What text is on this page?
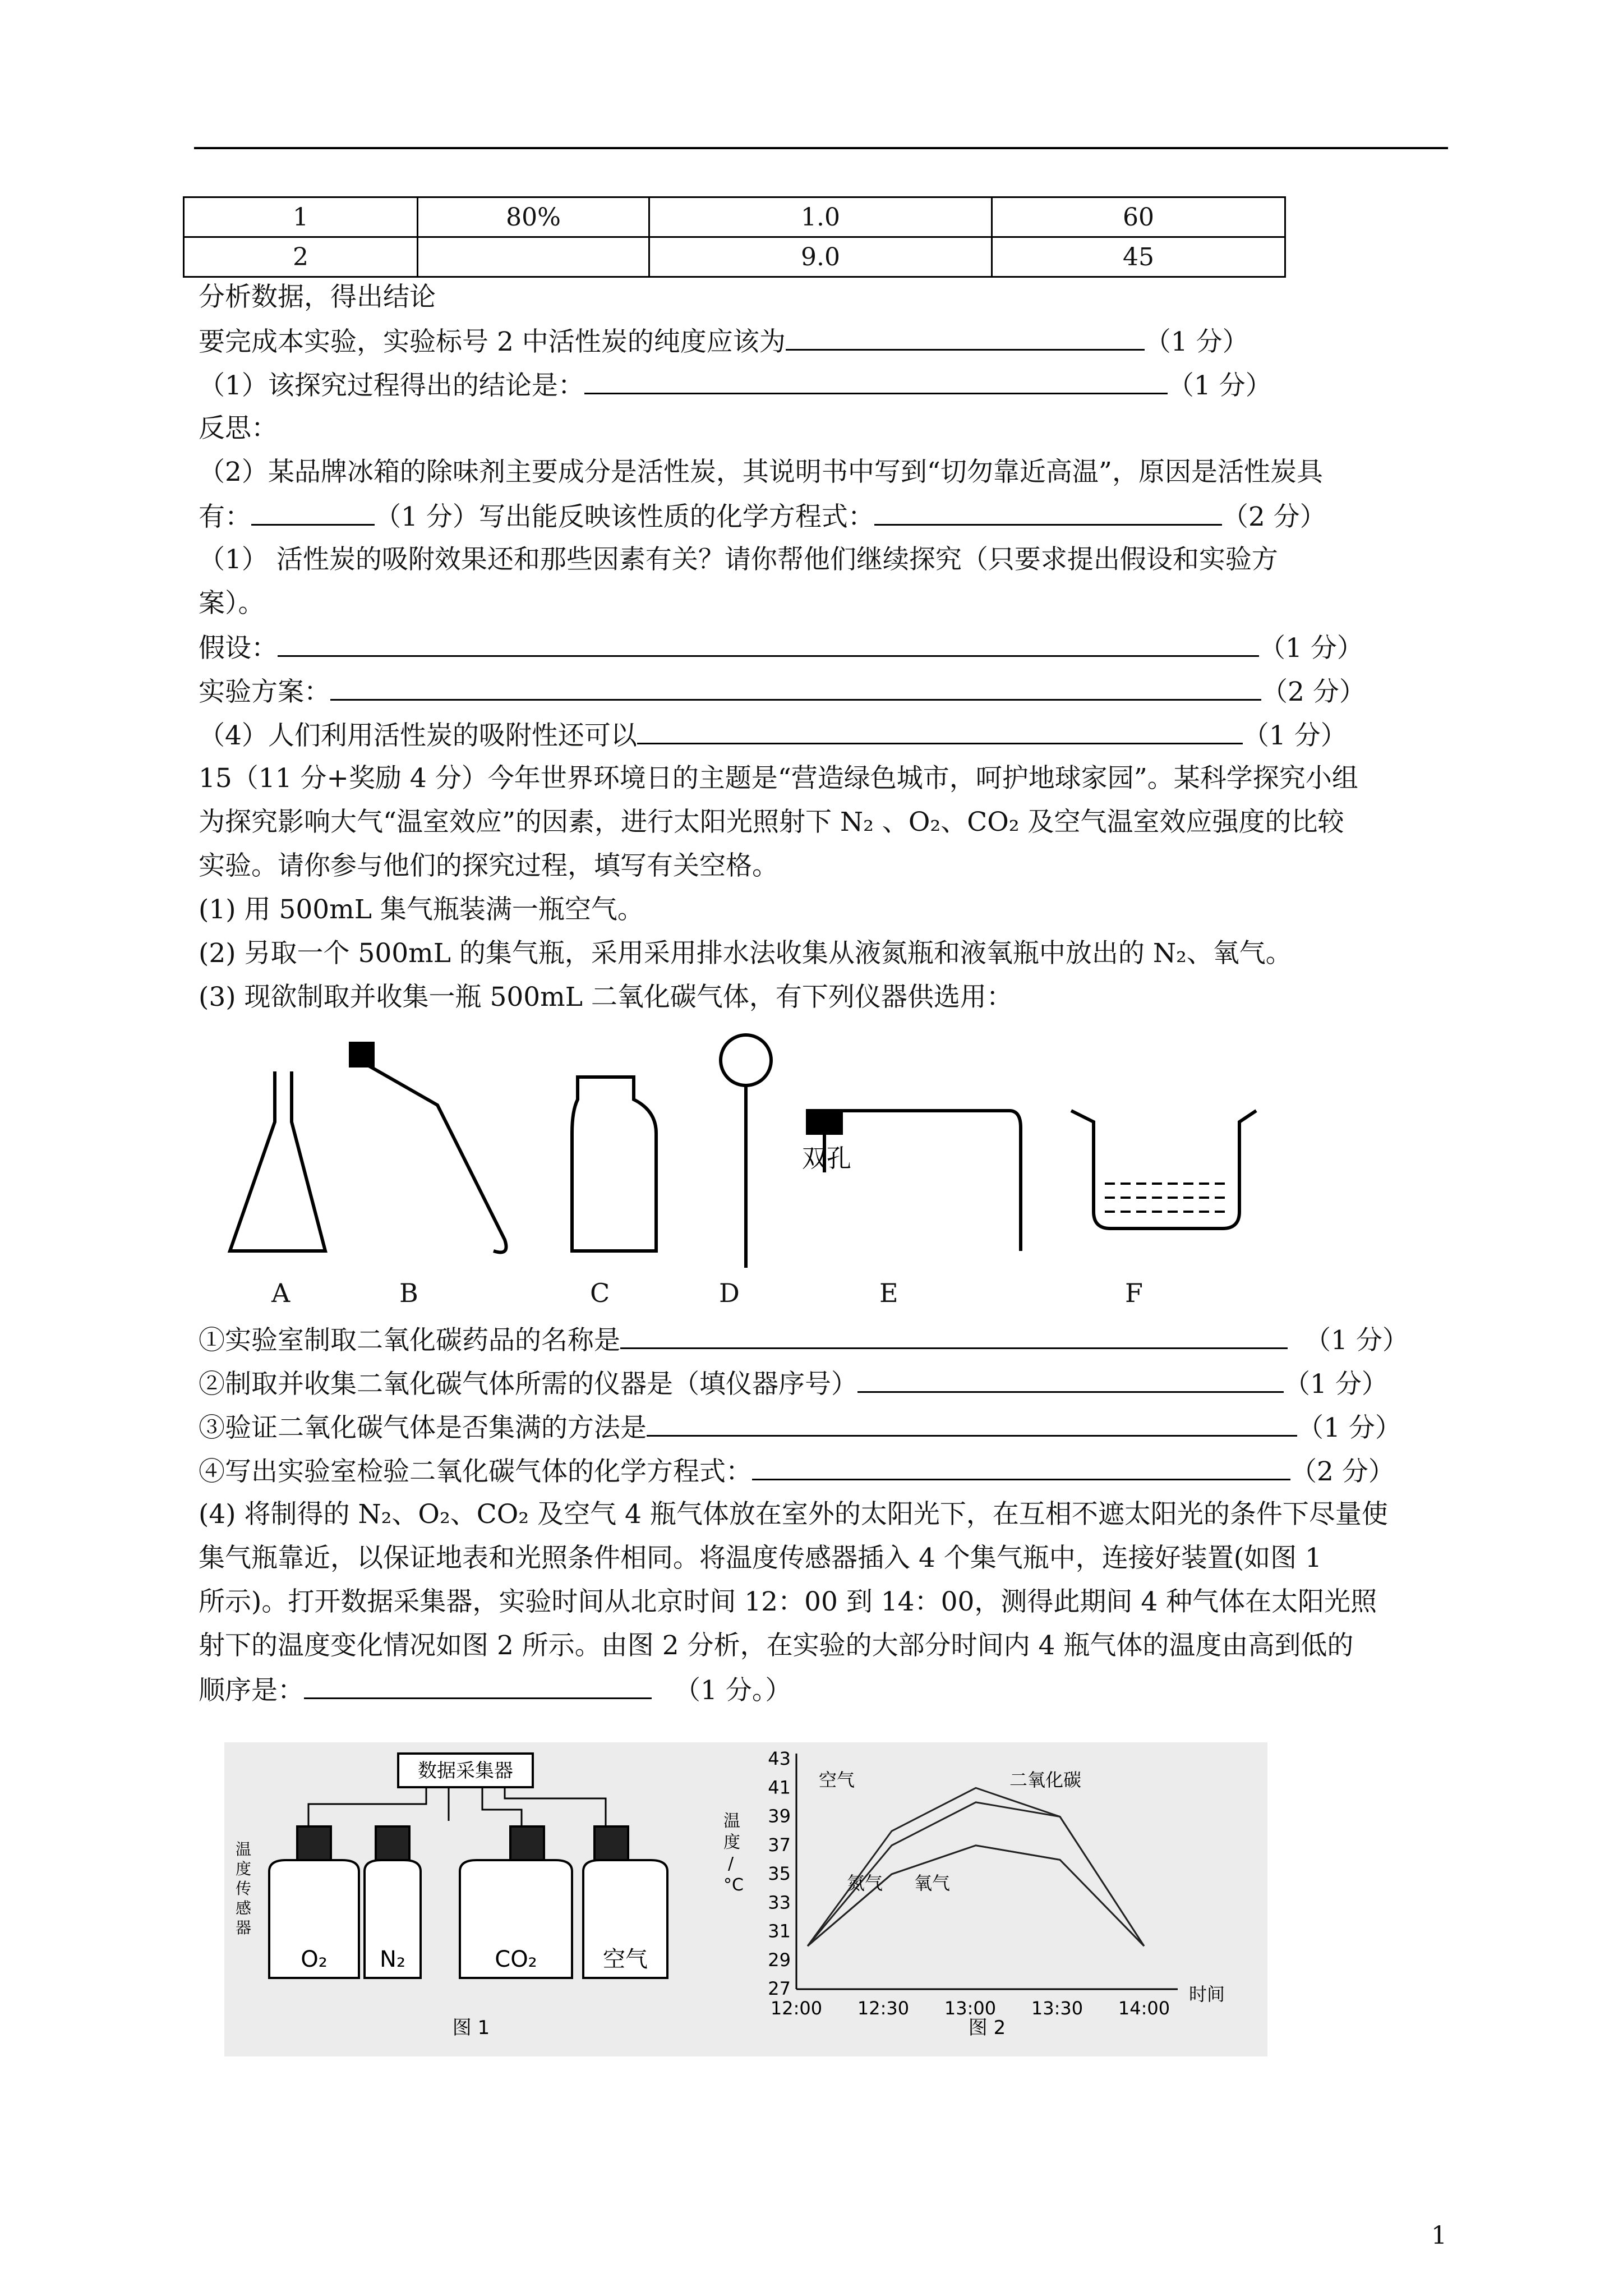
1	80%	1.0	60
2		9.0	45
分析数据，得出结论
要完成本实验，实验标号 2 中活性炭的纯度应该为	（1 分）
（1）该探究过程得出的结论是：	（1 分）
反思：
（2）某品牌冰箱的除味剂主要成分是活性炭，其说明书中写到“切勿靠近高温”，原因是活性炭具
有：	（1 分）写出能反映该性质的化学方程式：	（2 分）
（1） 活性炭的吸附效果还和那些因素有关？请你帮他们继续探究（只要求提出假设和实验方
案）。
假设：	（1 分）
实验方案：	（2 分）
（4）人们利用活性炭的吸附性还可以	（1 分）
15（11 分+奖励 4 分）今年世界环境日的主题是“营造绿色城市，呵护地球家园”。某科学探究小组
为探究影响大气“温室效应”的因素，进行太阳光照射下 N₂ 、O₂、CO₂ 及空气温室效应强度的比较
实验。请你参与他们的探究过程，填写有关空格。
(1) 用 500mL 集气瓶装满一瓶空气。
(2) 另取一个 500mL 的集气瓶，采用采用排水法收集从液氮瓶和液氧瓶中放出的 N₂、氧气。
(3) 现欲制取并收集一瓶 500mL 二氧化碳气体，有下列仪器供选用：
双孔
A	B	C	D	E	F
①实验室制取二氧化碳药品的名称是	（1 分）
②制取并收集二氧化碳气体所需的仪器是（填仪器序号）	（1 分）
③验证二氧化碳气体是否集满的方法是	（1 分）
④写出实验室检验二氧化碳气体的化学方程式：	（2 分）
(4) 将制得的 N₂、O₂、CO₂ 及空气 4 瓶气体放在室外的太阳光下，在互相不遮太阳光的条件下尽量使
集气瓶靠近，以保证地表和光照条件相同。将温度传感器插入 4 个集气瓶中，连接好装置(如图 1
所示)。打开数据采集器，实验时间从北京时间 12：00 到 14：00，测得此期间 4 种气体在太阳光照
射下的温度变化情况如图 2 所示。由图 2 分析，在实验的大部分时间内 4 瓶气体的温度由高到低的
顺序是：	（1 分。）
数据采集器
温
度
传
感
器
O₂ N₂	CO₂	空气
图 1
43
41
39
37
35
33
31
29
27
12:00 12:30 13:00 13:30 14:00
温
度
/
°C
时间
空气	二氧化碳
氮气 氧气
图 2
1
